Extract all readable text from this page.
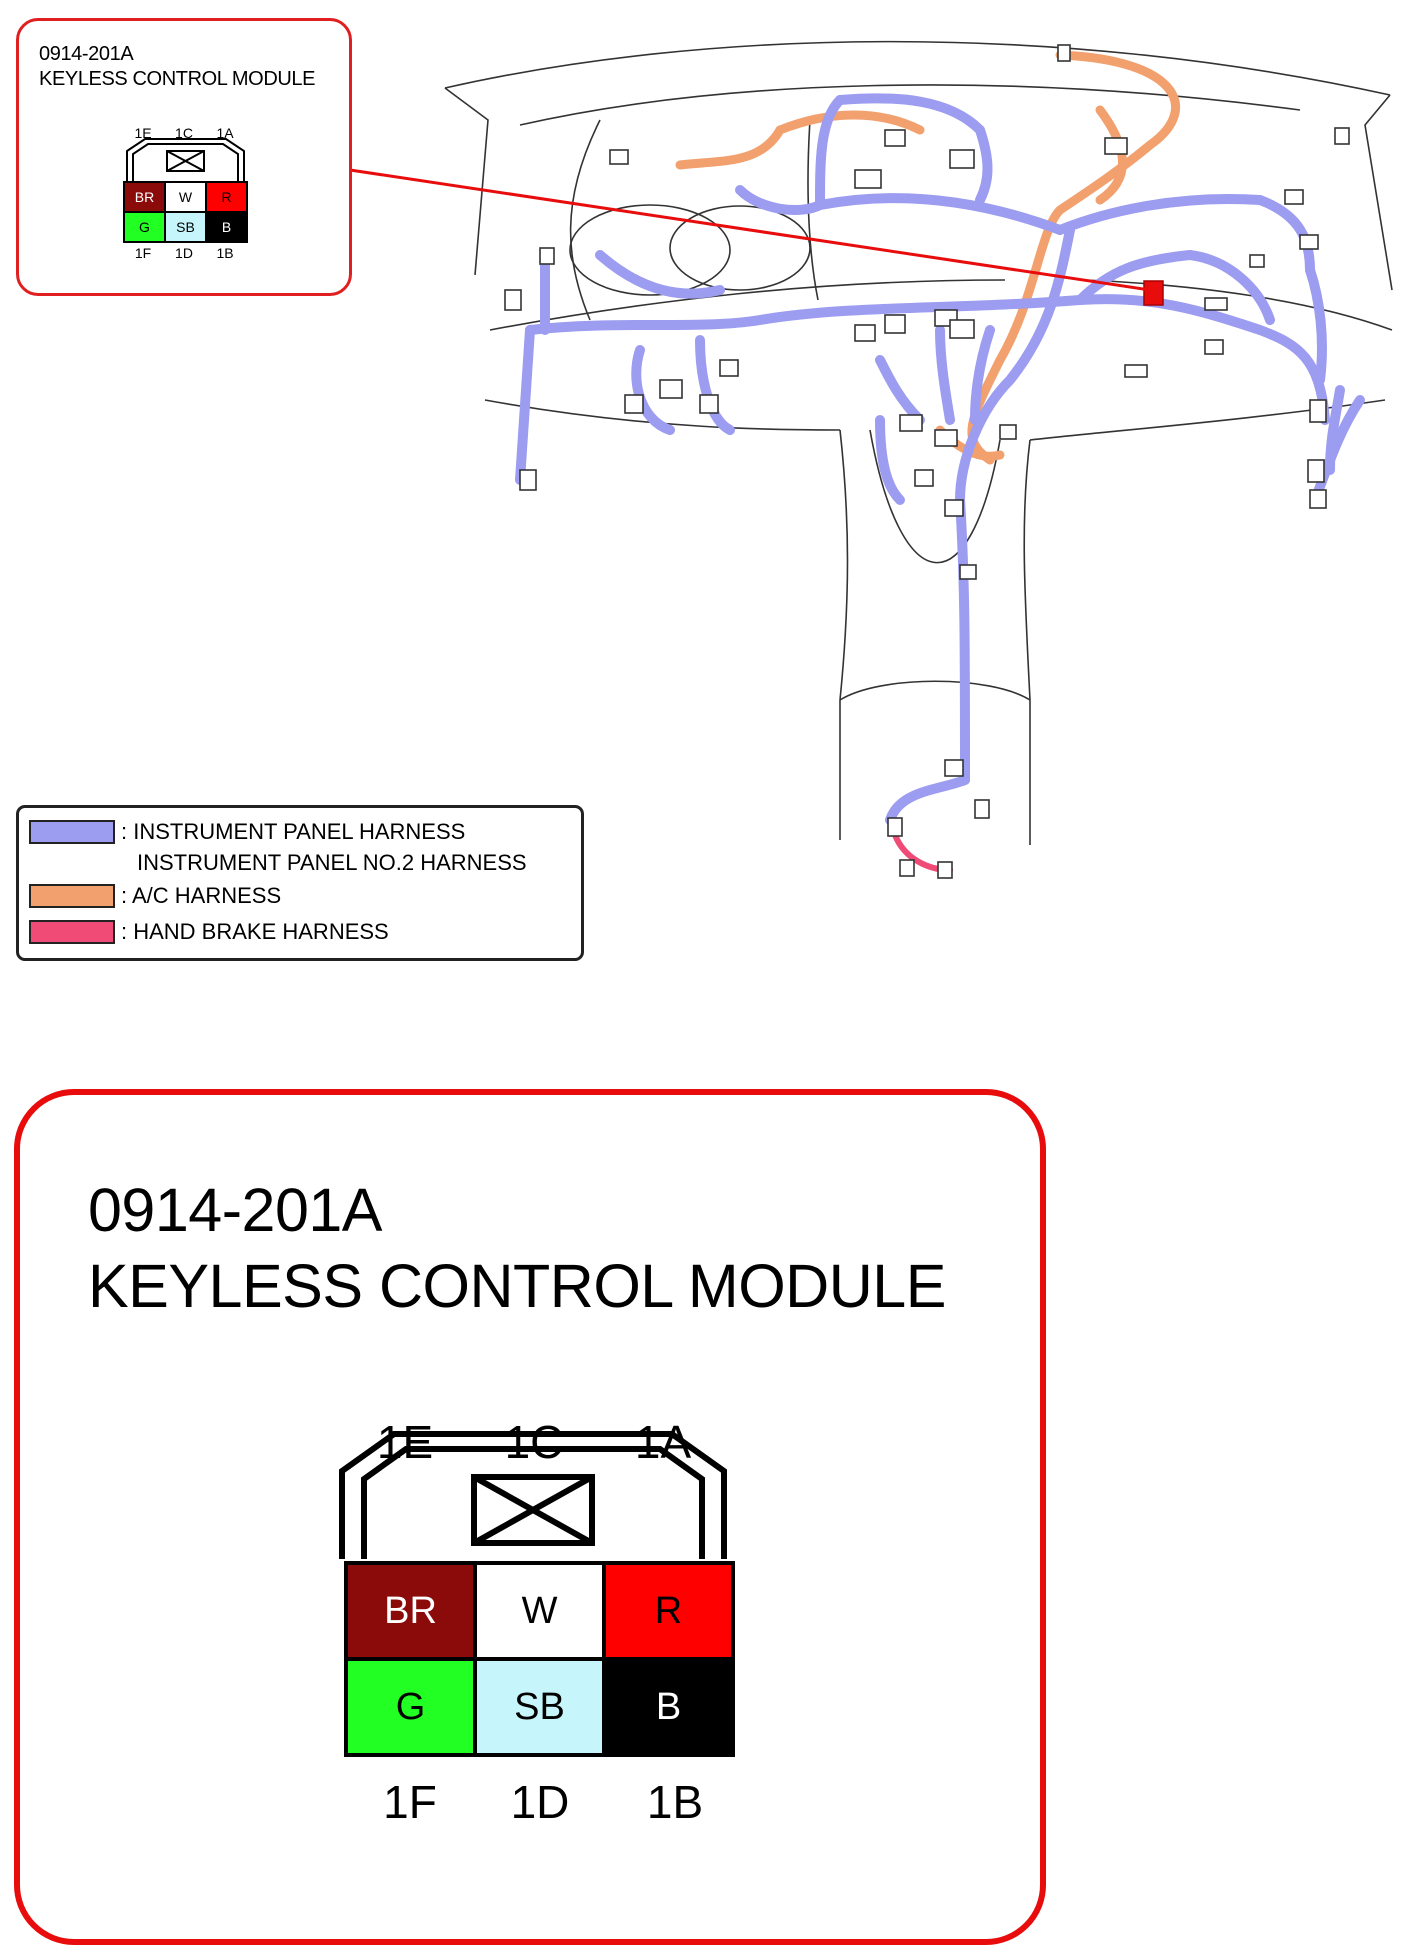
0914-201A
KEYLESS CONTROL MODULE
1E 1C 1A
BR	W	R
G	SB	B
1F 1D 1B
: INSTRUMENT PANEL HARNESS
INSTRUMENT PANEL NO.2 HARNESS
: A/C HARNESS
: HAND BRAKE HARNESS
0914-201A
KEYLESS CONTROL MODULE
1E 1C 1A
BR	W	R
G	SB	B
1F 1D 1B
